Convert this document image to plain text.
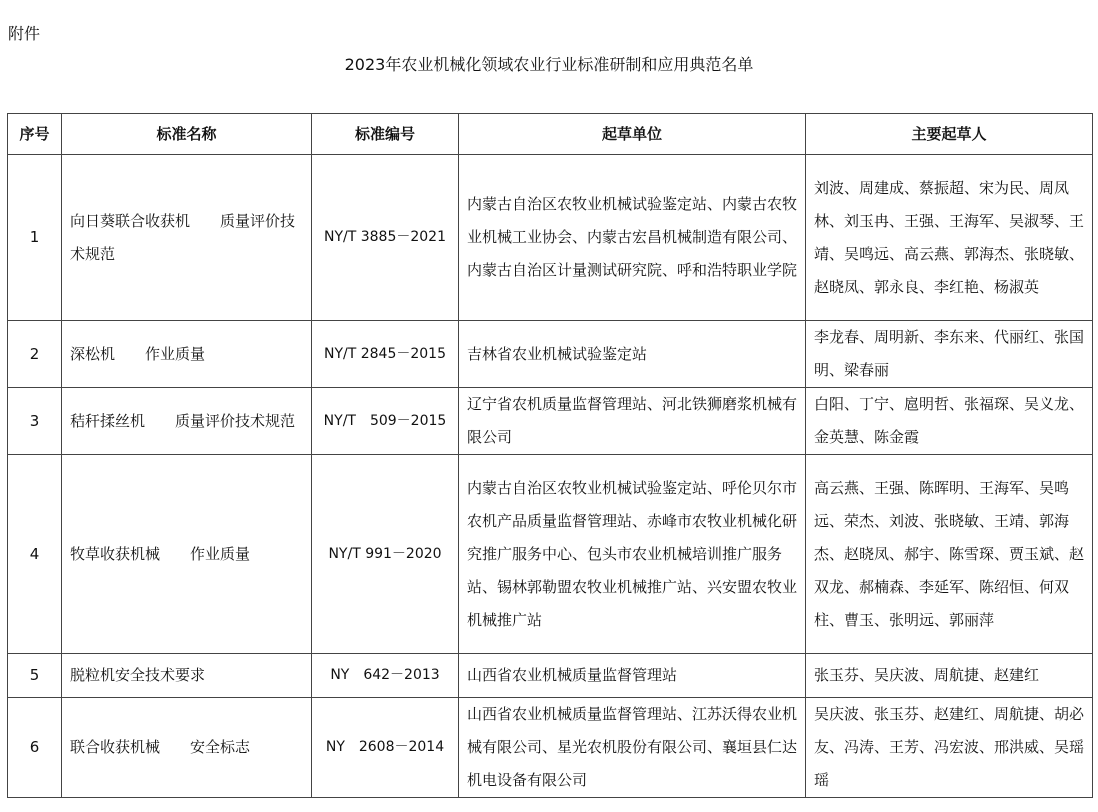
附件
2023年农业机械化领域农业行业标准研制和应用典范名单
序号	标准名称	标准编号	起草单位	主要起草人
1	向日葵联合收获机　　质量评价技术规范	NY/T 3885－2021	内蒙古自治区农牧业机械试验鉴定站、内蒙古农牧业机械工业协会、内蒙古宏昌机械制造有限公司、内蒙古自治区计量测试研究院、呼和浩特职业学院	刘波、周建成、蔡振超、宋为民、周凤林、刘玉冉、王强、王海军、吴淑琴、王靖、吴鸣远、高云燕、郭海杰、张晓敏、赵晓凤、郭永良、李红艳、杨淑英
2	深松机　　作业质量	NY/T 2845－2015	吉林省农业机械试验鉴定站	李龙春、周明新、李东来、代丽红、张国明、梁春丽
3	秸秆揉丝机　　质量评价技术规范	NY/T　509－2015	辽宁省农机质量监督管理站、河北铁狮磨浆机械有限公司	白阳、丁宁、扈明哲、张福琛、吴义龙、金英慧、陈金霞
4	牧草收获机械　　作业质量	NY/T 991－2020	内蒙古自治区农牧业机械试验鉴定站、呼伦贝尔市农机产品质量监督管理站、赤峰市农牧业机械化研究推广服务中心、包头市农业机械培训推广服务站、锡林郭勒盟农牧业机械推广站、兴安盟农牧业机械推广站	高云燕、王强、陈晖明、王海军、吴鸣远、荣杰、刘波、张晓敏、王靖、郭海杰、赵晓凤、郝宇、陈雪琛、贾玉斌、赵双龙、郝楠森、李延军、陈绍恒、何双柱、曹玉、张明远、郭丽萍
5	脱粒机安全技术要求	NY　642－2013	山西省农业机械质量监督管理站	张玉芬、吴庆波、周航捷、赵建红
6	联合收获机械　　安全标志	NY　2608－2014	山西省农业机械质量监督管理站、江苏沃得农业机械有限公司、星光农机股份有限公司、襄垣县仁达机电设备有限公司	吴庆波、张玉芬、赵建红、周航捷、胡必友、冯涛、王芳、冯宏波、邢洪威、吴瑶瑶
